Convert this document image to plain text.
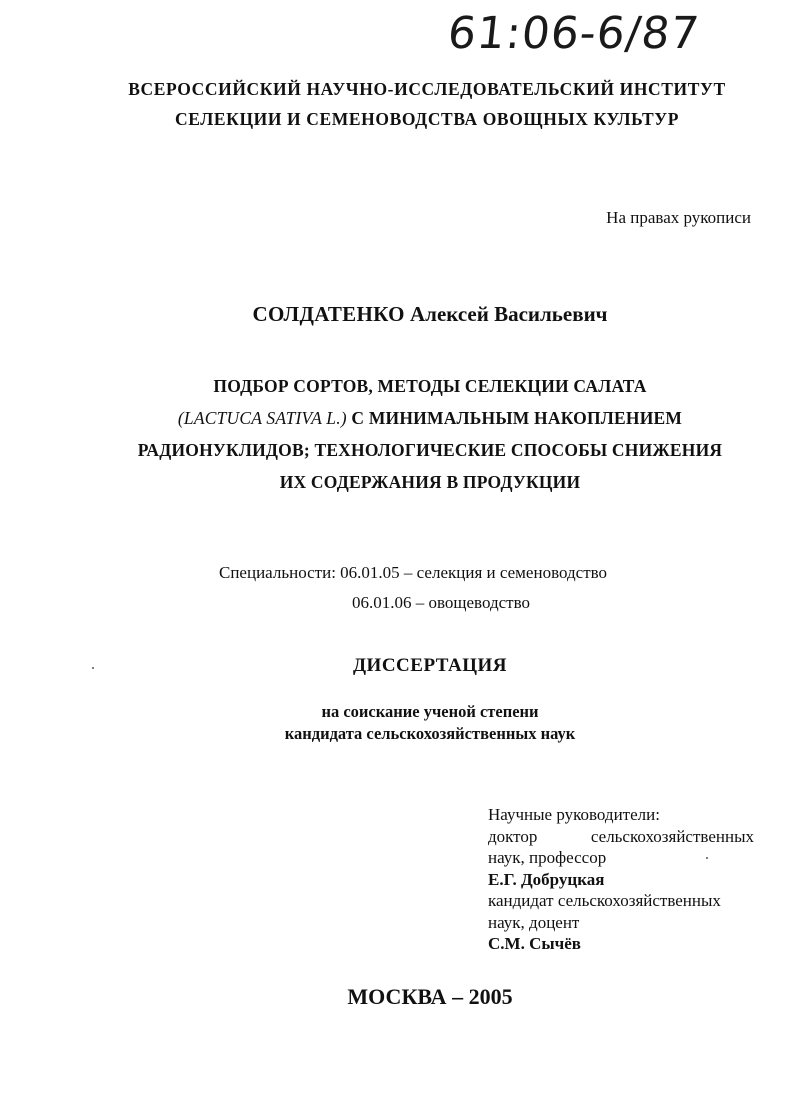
61:06-6/87
ВСЕРОССИЙСКИЙ НАУЧНО-ИССЛЕДОВАТЕЛЬСКИЙ ИНСТИТУТ
СЕЛЕКЦИИ И СЕМЕНОВОДСТВА ОВОЩНЫХ КУЛЬТУР
На правах рукописи
СОЛДАТЕНКО Алексей Васильевич
ПОДБОР СОРТОВ, МЕТОДЫ СЕЛЕКЦИИ САЛАТА
(LACTUCA SATIVA L.) С МИНИМАЛЬНЫМ НАКОПЛЕНИЕМ
РАДИОНУКЛИДОВ; ТЕХНОЛОГИЧЕСКИЕ СПОСОБЫ СНИЖЕНИЯ
ИХ СОДЕРЖАНИЯ В ПРОДУКЦИИ
Специальности: 06.01.05 – селекция и семеноводство
06.01.06 – овощеводство
ДИССЕРТАЦИЯ
на соискание ученой степени
кандидата сельскохозяйственных наук
Научные руководители:
доктор	сельскохозяйственных
наук, профессор
Е.Г. Добруцкая
кандидат сельскохозяйственных
наук, доцент
С.М. Сычёв
МОСКВА – 2005
